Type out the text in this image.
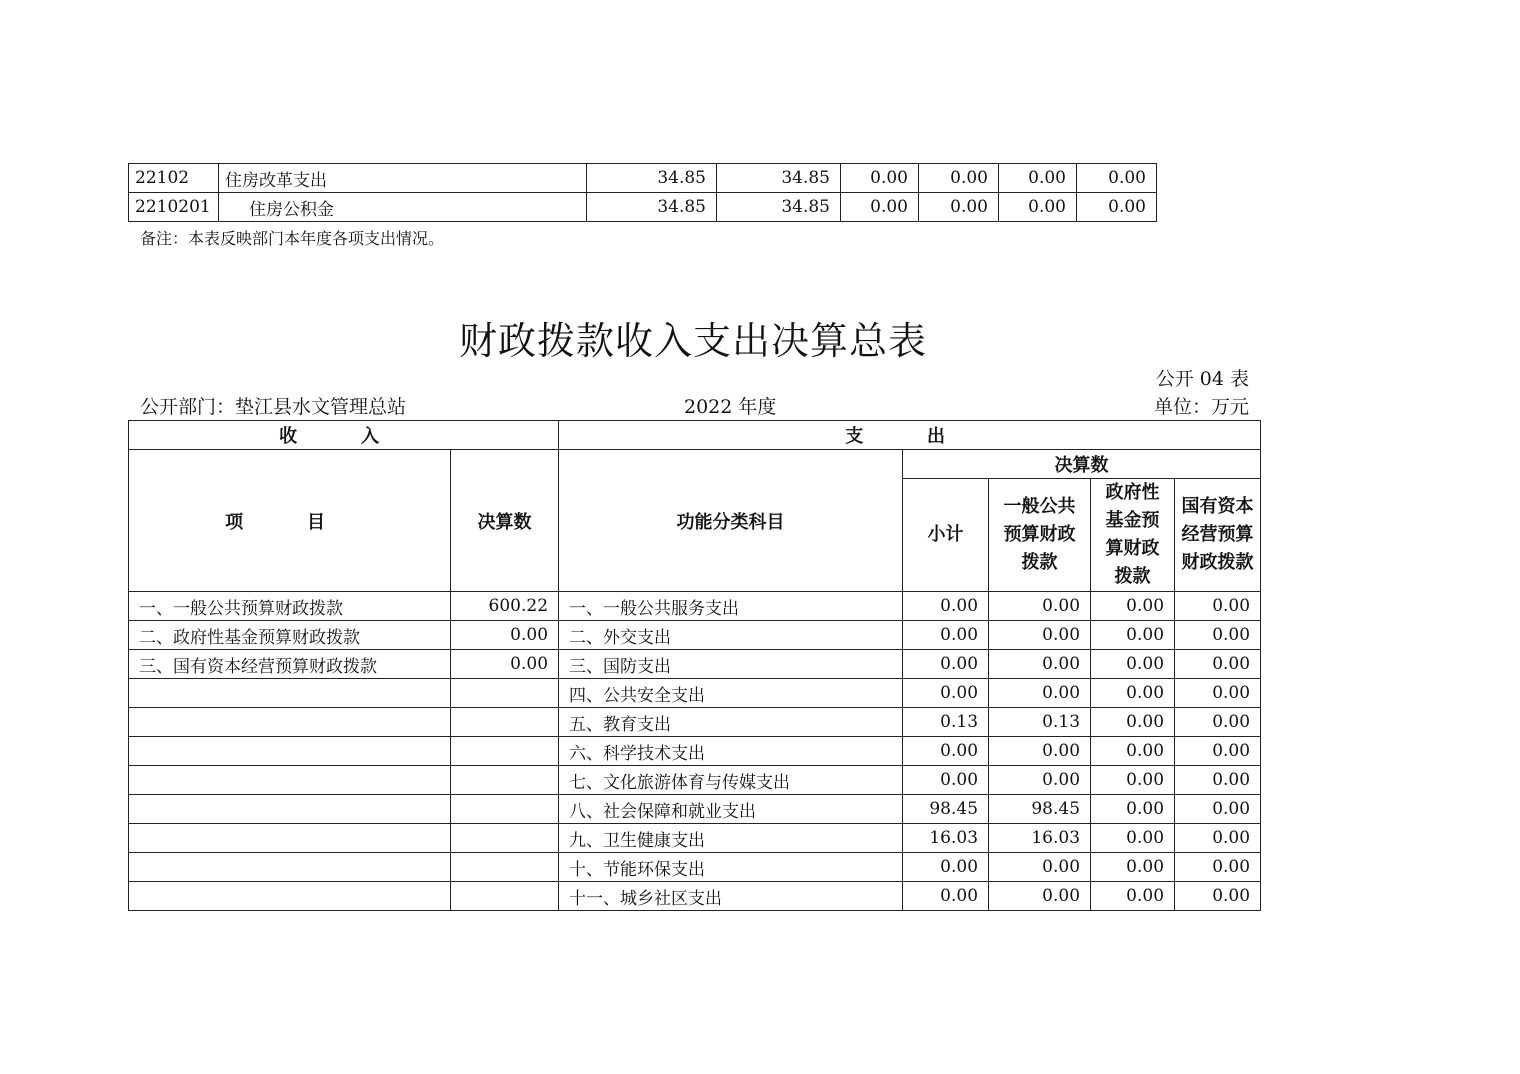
22102	住房改革支出	34.85	34.85	0.00	0.00	0.00	0.00
2210201	住房公积金	34.85	34.85	0.00	0.00	0.00	0.00
备注：本表反映部门本年度各项支出情况。
财政拨款收入支出决算总表
公开 04 表
公开部门：垫江县水文管理总站	2022 年度	单位：万元
收 入		支 出				
项 目	决算数	功能分类科目	决算数			
			小计	一般公共预算财政拨款	政府性基金预算财政拨款	国有资本经营预算财政拨款
一、一般公共预算财政拨款	600.22	一、一般公共服务支出	0.00	0.00	0.00	0.00
二、政府性基金预算财政拨款	0.00	二、外交支出	0.00	0.00	0.00	0.00
三、国有资本经营预算财政拨款	0.00	三、国防支出	0.00	0.00	0.00	0.00
		四、公共安全支出	0.00	0.00	0.00	0.00
		五、教育支出	0.13	0.13	0.00	0.00
		六、科学技术支出	0.00	0.00	0.00	0.00
		七、文化旅游体育与传媒支出	0.00	0.00	0.00	0.00
		八、社会保障和就业支出	98.45	98.45	0.00	0.00
		九、卫生健康支出	16.03	16.03	0.00	0.00
		十、节能环保支出	0.00	0.00	0.00	0.00
		十一、城乡社区支出	0.00	0.00	0.00	0.00
